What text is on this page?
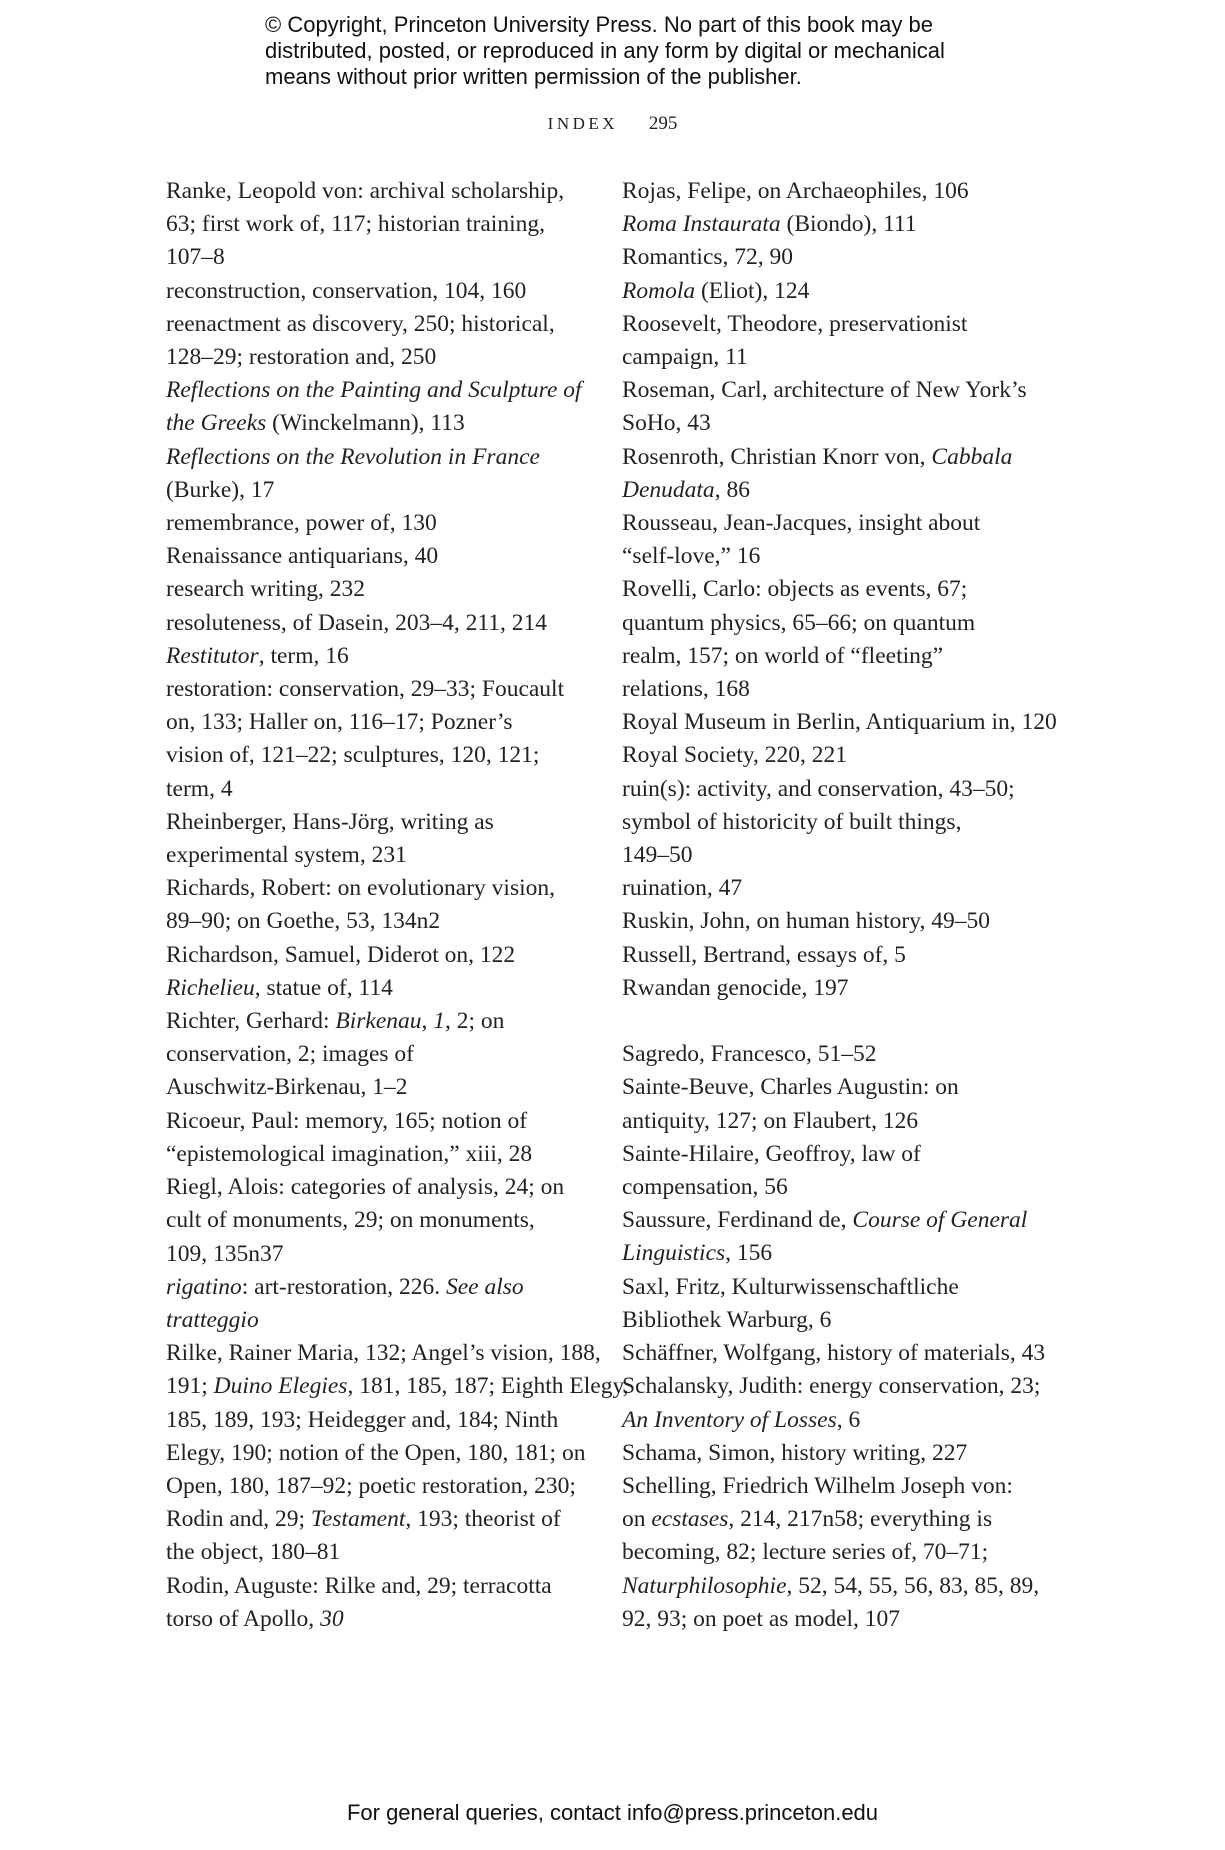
© Copyright, Princeton University Press. No part of this book may be
distributed, posted, or reproduced in any form by digital or mechanical
means without prior written permission of the publisher.
INDEX 295
Ranke, Leopold von: archival scholarship,
63; first work of, 117; historian training,
107–8
reconstruction, conservation, 104, 160
reenactment as discovery, 250; historical,
128–29; restoration and, 250
Reflections on the Painting and Sculpture of
the Greeks (Winckelmann), 113
Reflections on the Revolution in France
(Burke), 17
remembrance, power of, 130
Renaissance antiquarians, 40
research writing, 232
resoluteness, of Dasein, 203–4, 211, 214
Restitutor, term, 16
restoration: conservation, 29–33; Foucault
on, 133; Haller on, 116–17; Pozner’s
vision of, 121–22; sculptures, 120, 121;
term, 4
Rheinberger, Hans-Jörg, writing as
experimental system, 231
Richards, Robert: on evolutionary vision,
89–90; on Goethe, 53, 134n2
Richardson, Samuel, Diderot on, 122
Richelieu, statue of, 114
Richter, Gerhard: Birkenau, 1, 2; on
conservation, 2; images of
Auschwitz-Birkenau, 1–2
Ricoeur, Paul: memory, 165; notion of
“epistemological imagination,” xiii, 28
Riegl, Alois: categories of analysis, 24; on
cult of monuments, 29; on monuments,
109, 135n37
rigatino: art-restoration, 226. See also
tratteggio
Rilke, Rainer Maria, 132; Angel’s vision, 188,
191; Duino Elegies, 181, 185, 187; Eighth Elegy,
185, 189, 193; Heidegger and, 184; Ninth
Elegy, 190; notion of the Open, 180, 181; on
Open, 180, 187–92; poetic restoration, 230;
Rodin and, 29; Testament, 193; theorist of
the object, 180–81
Rodin, Auguste: Rilke and, 29; terracotta
torso of Apollo, 30
Rojas, Felipe, on Archaeophiles, 106
Roma Instaurata (Biondo), 111
Romantics, 72, 90
Romola (Eliot), 124
Roosevelt, Theodore, preservationist
campaign, 11
Roseman, Carl, architecture of New York’s
SoHo, 43
Rosenroth, Christian Knorr von, Cabbala
Denudata, 86
Rousseau, Jean-Jacques, insight about
“self-love,” 16
Rovelli, Carlo: objects as events, 67;
quantum physics, 65–66; on quantum
realm, 157; on world of “fleeting”
relations, 168
Royal Museum in Berlin, Antiquarium in, 120
Royal Society, 220, 221
ruin(s): activity, and conservation, 43–50;
symbol of historicity of built things,
149–50
ruination, 47
Ruskin, John, on human history, 49–50
Russell, Bertrand, essays of, 5
Rwandan genocide, 197
Sagredo, Francesco, 51–52
Sainte-Beuve, Charles Augustin: on
antiquity, 127; on Flaubert, 126
Sainte-Hilaire, Geoffroy, law of
compensation, 56
Saussure, Ferdinand de, Course of General
Linguistics, 156
Saxl, Fritz, Kulturwissenschaftliche
Bibliothek Warburg, 6
Schäffner, Wolfgang, history of materials, 43
Schalansky, Judith: energy conservation, 23;
An Inventory of Losses, 6
Schama, Simon, history writing, 227
Schelling, Friedrich Wilhelm Joseph von:
on ecstases, 214, 217n58; everything is
becoming, 82; lecture series of, 70–71;
Naturphilosophie, 52, 54, 55, 56, 83, 85, 89,
92, 93; on poet as model, 107
For general queries, contact info@press.princeton.edu
